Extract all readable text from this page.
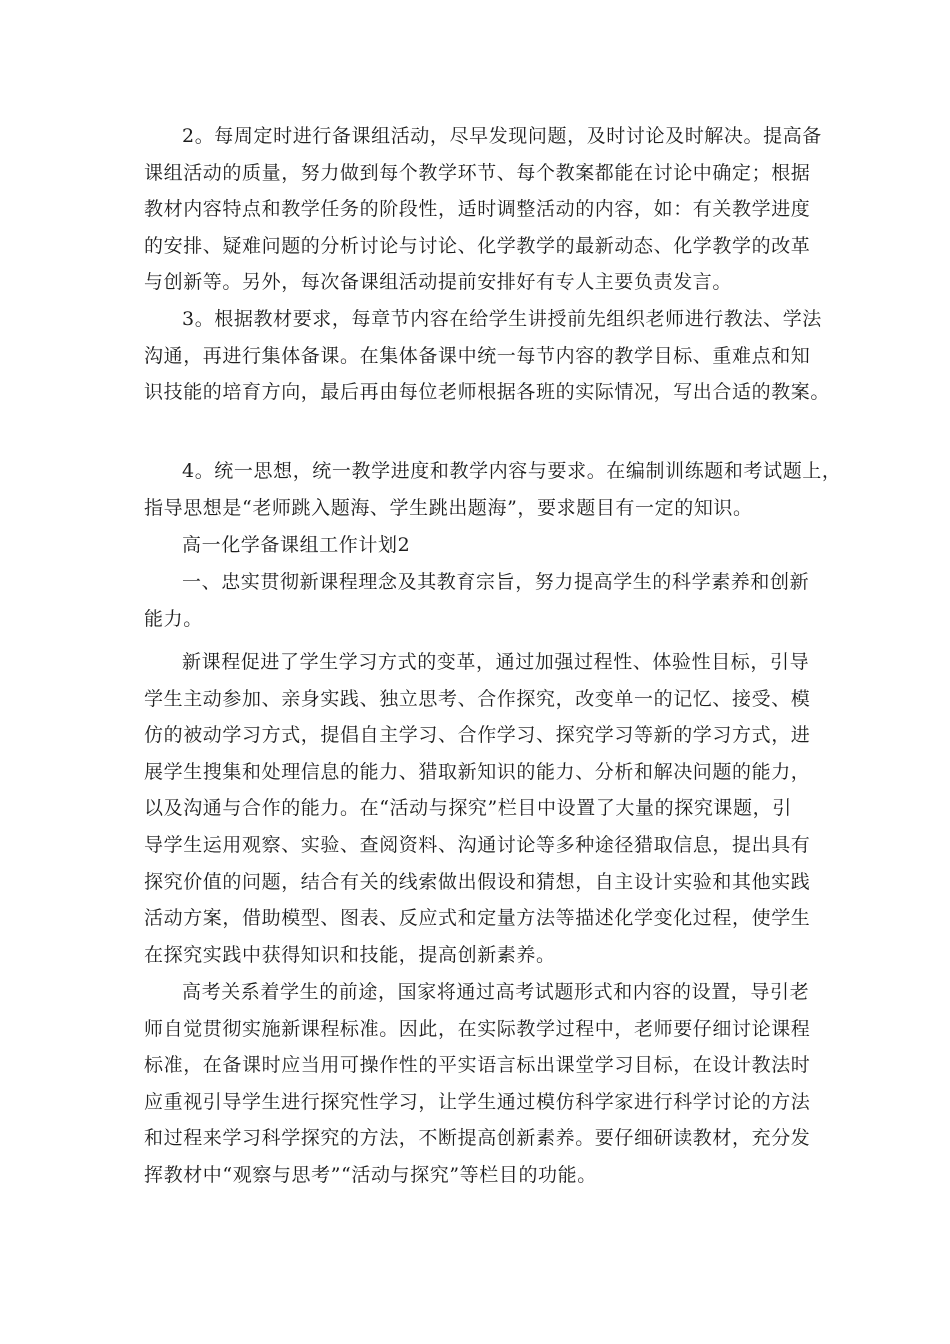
2。每周定时进行备课组活动，尽早发现问题，及时讨论及时解决。提高备
课组活动的质量，努力做到每个教学环节、每个教案都能在讨论中确定；根据
教材内容特点和教学任务的阶段性，适时调整活动的内容，如：有关教学进度
的安排、疑难问题的分析讨论与讨论、化学教学的最新动态、化学教学的改革
与创新等。另外，每次备课组活动提前安排好有专人主要负责发言。
3。根据教材要求，每章节内容在给学生讲授前先组织老师进行教法、学法
沟通，再进行集体备课。在集体备课中统一每节内容的教学目标、重难点和知
识技能的培育方向，最后再由每位老师根据各班的实际情况，写出合适的教案。
4。统一思想，统一教学进度和教学内容与要求。在编制训练题和考试题上，
指导思想是“老师跳入题海、学生跳出题海”，要求题目有一定的知识。
高一化学备课组工作计划2
一、忠实贯彻新课程理念及其教育宗旨，努力提高学生的科学素养和创新
能力。
新课程促进了学生学习方式的变革，通过加强过程性、体验性目标，引导
学生主动参加、亲身实践、独立思考、合作探究，改变单一的记忆、接受、模
仿的被动学习方式，提倡自主学习、合作学习、探究学习等新的学习方式，进
展学生搜集和处理信息的能力、猎取新知识的能力、分析和解决问题的能力，
以及沟通与合作的能力。在“活动与探究”栏目中设置了大量的探究课题，引
导学生运用观察、实验、查阅资料、沟通讨论等多种途径猎取信息，提出具有
探究价值的问题，结合有关的线索做出假设和猜想，自主设计实验和其他实践
活动方案，借助模型、图表、反应式和定量方法等描述化学变化过程，使学生
在探究实践中获得知识和技能，提高创新素养。
高考关系着学生的前途，国家将通过高考试题形式和内容的设置，导引老
师自觉贯彻实施新课程标准。因此，在实际教学过程中，老师要仔细讨论课程
标准，在备课时应当用可操作性的平实语言标出课堂学习目标，在设计教法时
应重视引导学生进行探究性学习，让学生通过模仿科学家进行科学讨论的方法
和过程来学习科学探究的方法，不断提高创新素养。要仔细研读教材，充分发
挥教材中“观察与思考”“活动与探究”等栏目的功能。
